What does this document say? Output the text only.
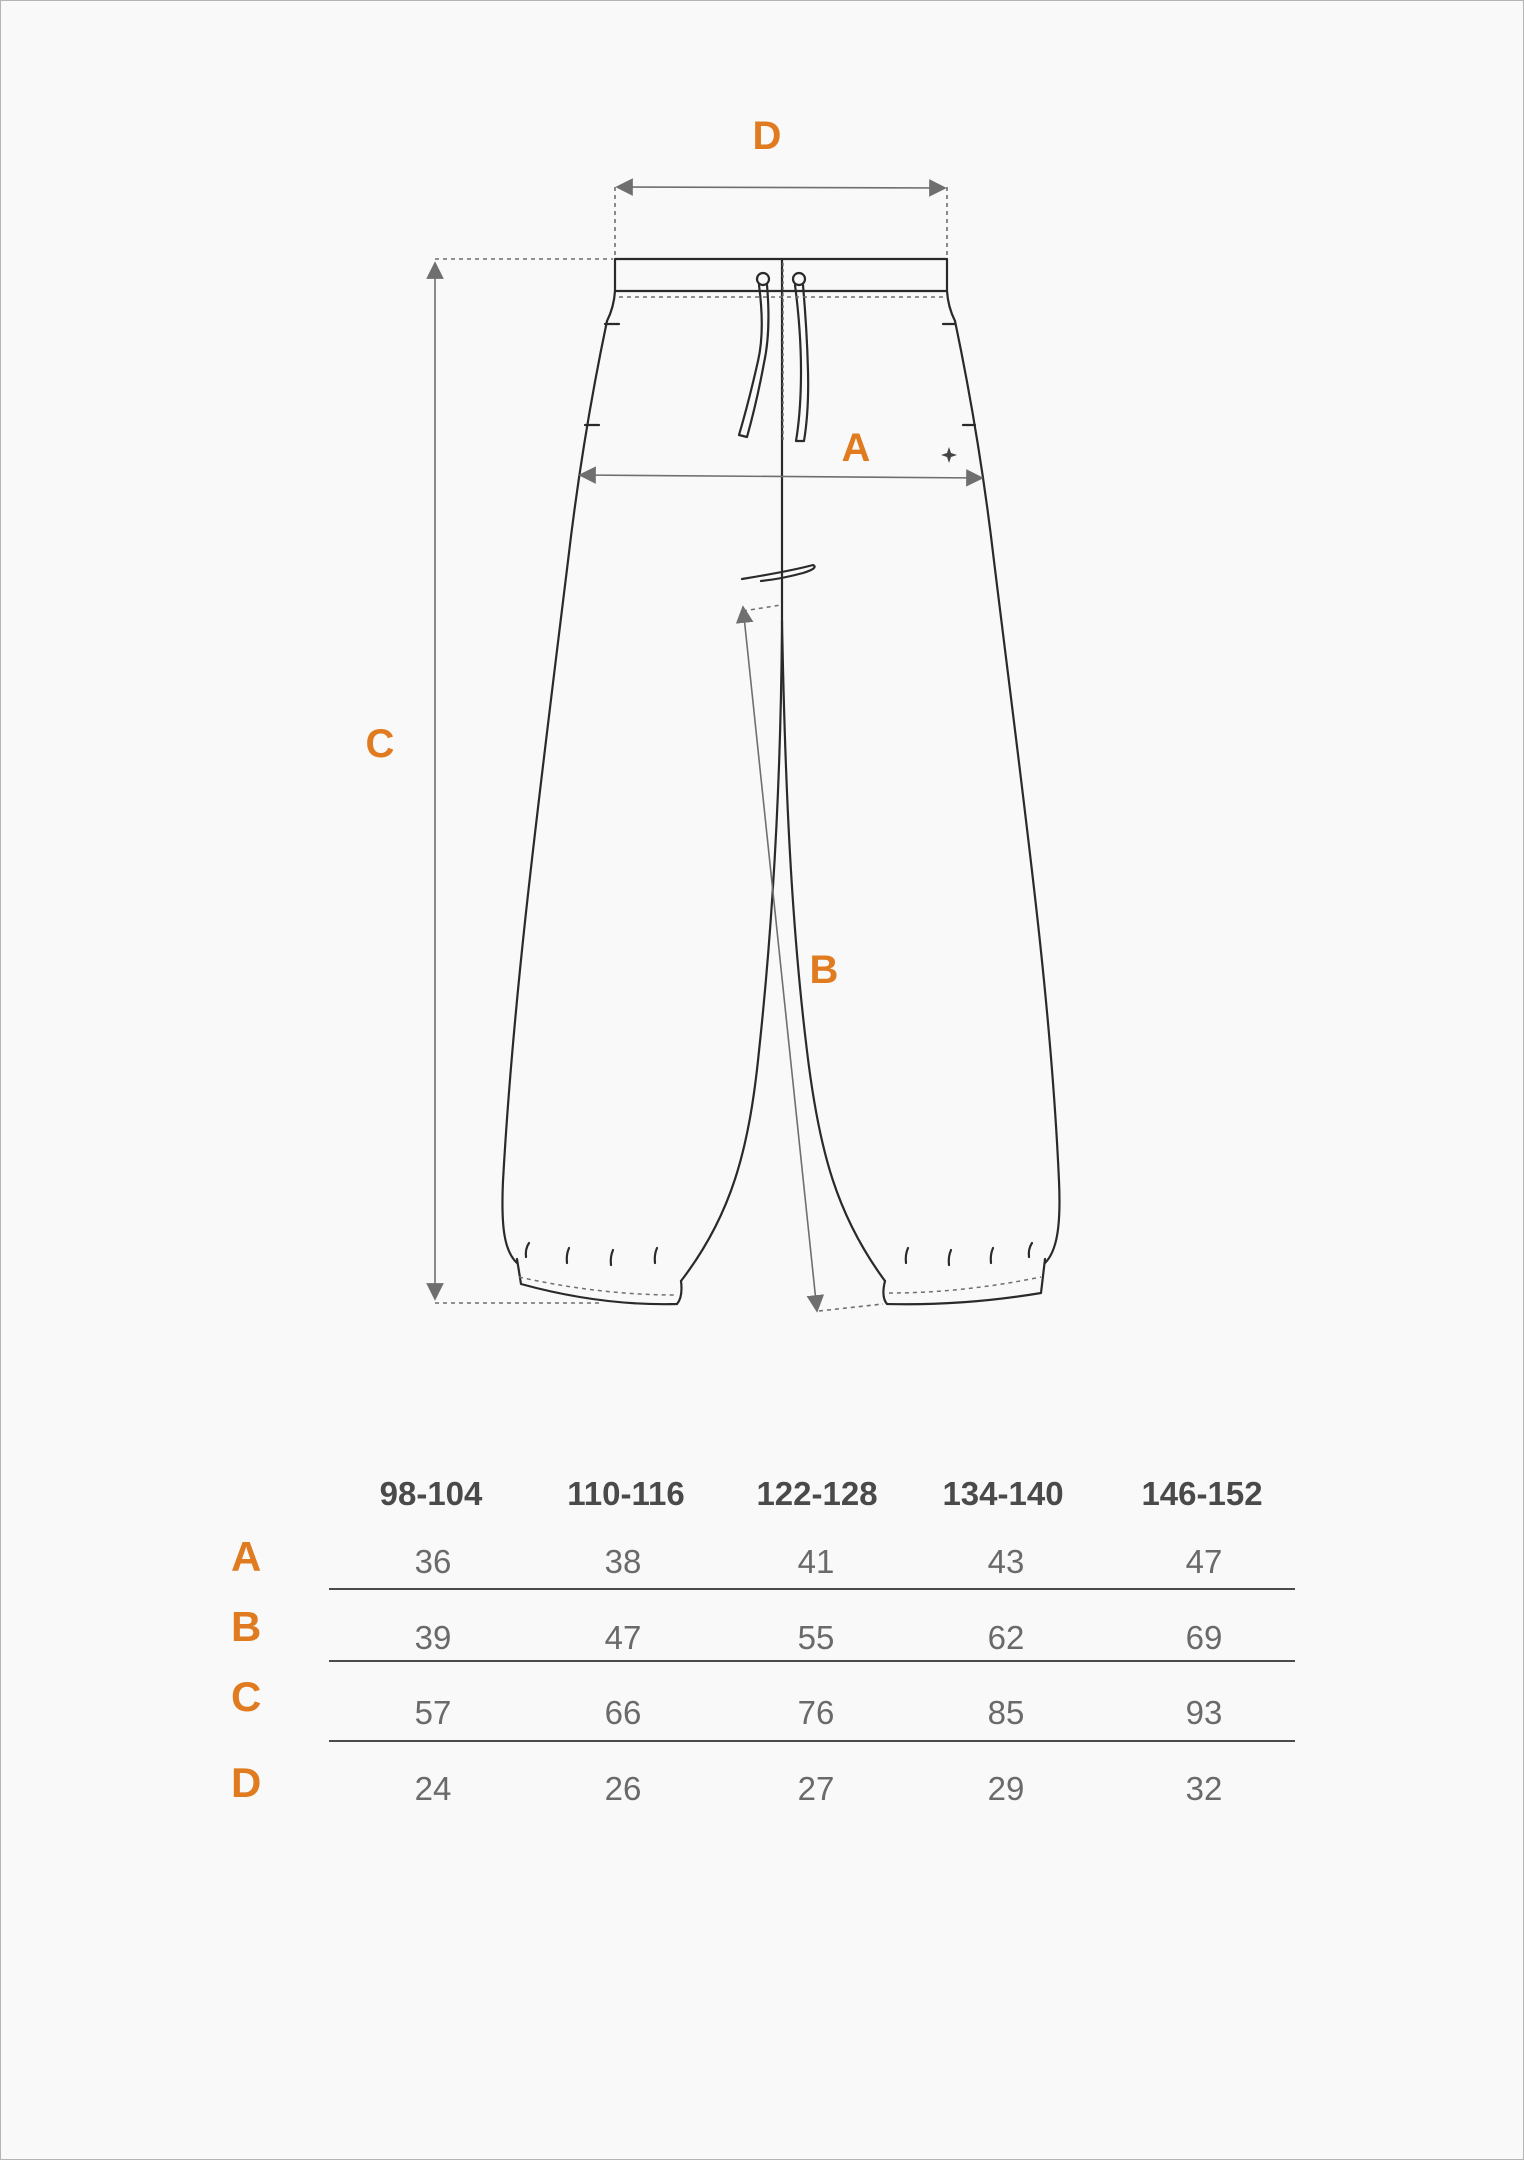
D
A
C
B
98-104	110-116 122-128 134-140 146-152
A	36	38	41	43	47
B	39	47	55	62	69
C	57	66	76	85	93
D	24	26	27	29	32
